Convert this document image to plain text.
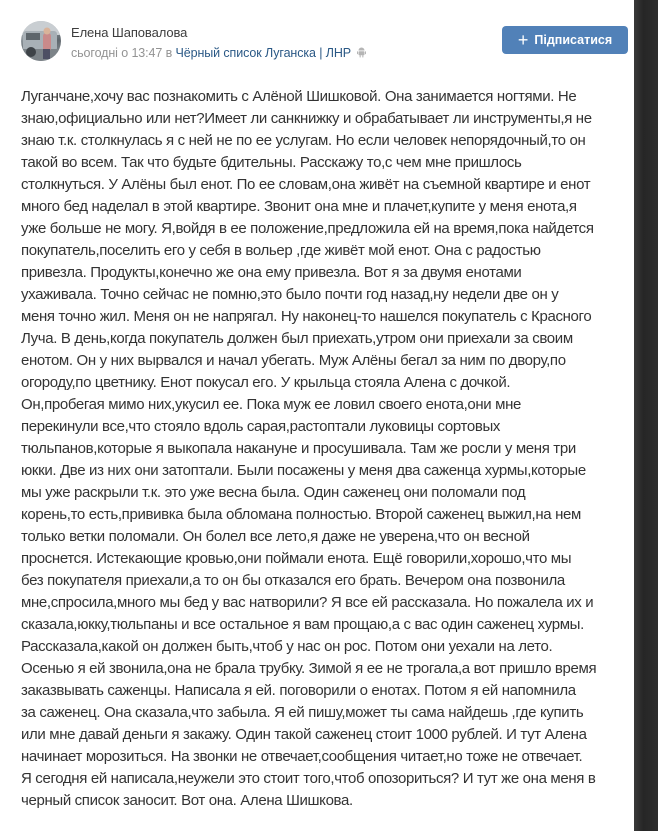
Елена Шаповалова
сьогодні о 13:47 в Чёрный список Луганска | ЛНР
+ Підписатися
Луганчане,хочу вас познакомить с Алёной Шишковой. Она занимается ногтями. Не
знаю,официально или нет?Имеет ли санкнижку и обрабатывает ли инструменты,я не
знаю т.к. столкнулась я с ней не по ее услугам. Но если человек непорядочный,то он
такой во всем. Так что будьте бдительны. Расскажу то,с чем мне пришлось
столкнуться. У Алёны был енот. По ее словам,она живёт на съемной квартире и енот
много бед наделал в этой квартире. Звонит она мне и плачет,купите у меня енота,я
уже больше не могу. Я,войдя в ее положение,предложила ей на время,пока найдется
покупатель,поселить его у себя в вольер ,где живёт мой енот. Она с радостью
привезла. Продукты,конечно же она ему привезла. Вот я за двумя енотами
ухаживала. Точно сейчас не помню,это было почти год назад,ну недели две он у
меня точно жил. Меня он не напрягал. Ну наконец-то нашелся покупатель с Красного
Луча. В день,когда покупатель должен был приехать,утром они приехали за своим
енотом. Он у них вырвался и начал убегать. Муж Алёны бегал за ним по двору,по
огороду,по цветнику. Енот покусал его. У крыльца стояла Алена с дочкой.
Он,пробегая мимо них,укусил ее. Пока муж ее ловил своего енота,они мне
перекинули все,что стояло вдоль сарая,растоптали луковицы сортовых
тюльпанов,которые я выкопала накануне и просушивала. Там же росли у меня три
юкки. Две из них они затоптали. Были посажены у меня два саженца хурмы,которые
мы уже раскрыли т.к. это уже весна была. Один саженец они поломали под
корень,то есть,прививка была обломана полностью. Второй саженец выжил,на нем
только ветки поломали. Он болел все лето,я даже не уверена,что он весной
проснется. Истекающие кровью,они поймали енота. Ещё говорили,хорошо,что мы
без покупателя приехали,а то он бы отказался его брать. Вечером она позвонила
мне,спросила,много мы бед у вас натворили? Я все ей рассказала. Но пожалела их и
сказала,юкку,тюльпаны и все остальное я вам прощаю,а с вас один саженец хурмы.
Рассказала,какой он должен быть,чтоб у нас он рос. Потом они уехали на лето.
Осенью я ей звонила,она не брала трубку. Зимой я ее не трогала,а вот пришло время
заказвывать саженцы. Написала я ей. поговорили о енотах. Потом я ей напомнила
за саженец. Она сказала,что забыла. Я ей пишу,может ты сама найдешь ,где купить
или мне давай деньги я закажу. Один такой саженец стоит 1000 рублей. И тут Алена
начинает морозиться. На звонки не отвечает,сообщения читает,но тоже не отвечает.
Я сегодня ей написала,неужели это стоит того,чтоб опозориться? И тут же она меня в
черный список заносит. Вот она. Алена Шишкова.
